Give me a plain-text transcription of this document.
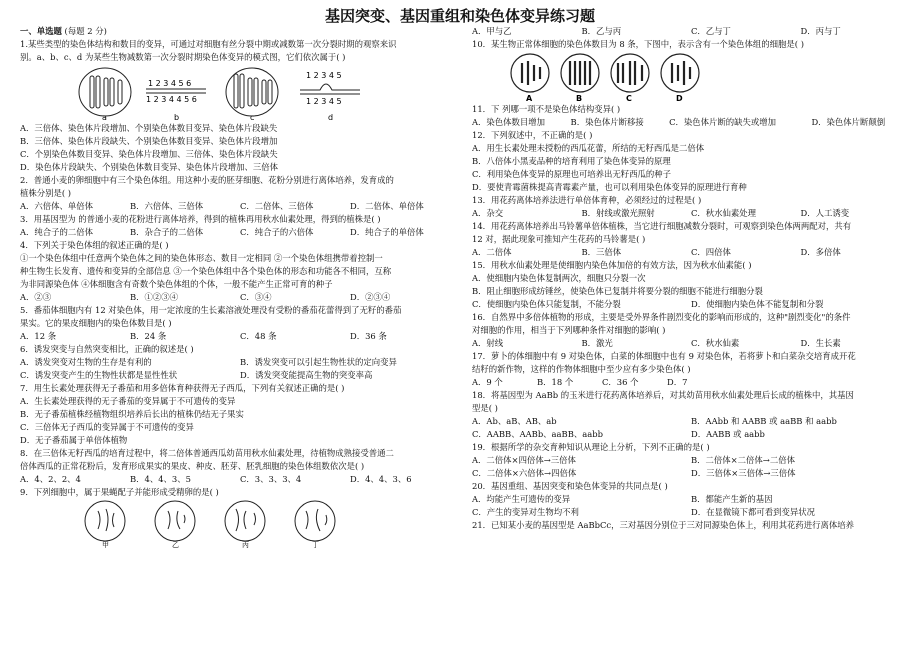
基因突变、基因重组和染色体变异练习题
一、单选题 (每题 2 分)
1.某些类型的染色体结构和数目的变异，可通过对细胞有丝分裂中期或减数第一次分裂时期的观察来识
别。a、b、c、d 为某些生物减数第一次分裂时期染色体变异的模式图，它们依次属于( )
1 2 3 4 5 6
1 2 3 4 4 5 6
1 2 3 4 5
1 2 3 4 5
a	b	c	d
A．三倍体、染色体片段增加、个别染色体数目变异、染色体片段缺失
B．三倍体、染色体片段缺失、个别染色体数目变异、染色体片段增加
C．个别染色体数目变异、染色体片段增加、三倍体、染色体片段缺失
D．染色体片段缺失、个别染色体数目变异、染色体片段增加、三倍体
2．普通小麦的卵细胞中有三个染色体组。用这种小麦的胚芽细胞、花粉分别进行离体培养，发育成的
植株分别是( )
A．六倍体、单倍体	B．六倍体、三倍体	C．二倍体、三倍体	D．二倍体、单倍体
3．用基因型为 的普通小麦的花粉进行离体培养，得到的植株再用秋水仙素处理，得到的植株是( )
A．纯合子的二倍体	B．杂合子的二倍体	C．纯合子的六倍体	D．纯合子的单倍体
4．下列关于染色体组的叙述正确的是( )
①一个染色体组中任意两个染色体之间的染色体形态、数目一定相同 ②一个染色体组携带着控制一
种生物生长发育、遗传和变异的全部信息 ③一个染色体组中各个染色体的形态和功能各不相同，互称
为非同源染色体 ④体细胞含有奇数个染色体组的个体，一般不能产生正常可育的种子
A．②③	B．①②③④	C．③④	D．②③④
5．番茄体细胞内有 12 对染色体，用一定浓度的生长素溶液处理没有受粉的番茄花蕾得到了无籽的番茄
果实。它的果皮细胞内的染色体数目是( )
A．12 条	B．24 条	C．48 条	D．36 条
6．诱发突变与自然突变相比，正确的叙述是( )
A．诱发突变对生物的生存是有利的	B．诱发突变可以引起生物性状的定向变异
C．诱发突变产生的生物性状都是显性性状	D．诱发突变能提高生物的突变率高
7．用生长素处理获得无子番茄和用多倍体育种获得无子西瓜，下列有关叙述正确的是( )
A．生长素处理获得的无子番茄的变异属于不可遗传的变异
B．无子番茄植株经植物组织培养后长出的植株仍结无子果实
C．三倍体无子西瓜的变异属于不可遗传的变异
D．无子番茄属于单倍体植物
8．在三倍体无籽西瓜的培育过程中，将二倍体普通西瓜幼苗用秋水仙素处理，待植物成熟接受普通二
倍体西瓜的正常花粉后，发育形成果实的果皮、种皮、胚芽、胚乳细胞的染色体组数依次是( )
A．4、2、2、4	B．4、4、3、5	C．3、3、3、4	D．4、4、3、6
9．下列细胞中，属于果蝇配子并能形成受精卵的是( )
甲	乙	丙	丁
A．甲与乙	B．乙与丙	C．乙与丁	D．丙与丁
10．某生物正常体细胞的染色体数目为 8 条，下图中，表示含有一个染色体组的细胞是( )
A	B	C	D
11．下 列哪一项不是染色体结构变异( )
A．染色体数目增加	B．染色体片断移接	C．染色体片断的缺失或增加	D．染色体片断颠倒
12．下列叙述中，不正确的是( )
A．用生长素处理未授粉的西瓜花蕾，所结的无籽西瓜是二倍体
B．八倍体小黑麦品种的培育利用了染色体变异的原理
C．利用染色体变异的原理也可培养出无籽西瓜的种子
D．要使青霉菌株提高青霉素产量，也可以利用染色体变异的原理进行育种
13．用花药离体培养法进行单倍体育种，必须经过的过程是( )
A．杂交	B．射线或激光照射	C．秋水仙素处理	D．人工诱变
14．用花药离体培养出马铃薯单倍体植株，当它进行细胞减数分裂时，可观察到染色体两两配对，共有
12 对，据此现象可推知产生花药的马铃薯是( )
A．二倍体	B．三倍体	C．四倍体	D．多倍体
15．用秋水仙素处理是使细胞内染色体加倍的有效方法，因为秋水仙素能( )
A．使细胞内染色体复制两次，细胞只分裂一次
B．阻止细胞形成纺锤丝，使染色体已复制并将要分裂的细胞不能进行细胞分裂
C．使细胞内染色体只能复制，不能分裂	D．使细胞内染色体不能复制和分裂
16．自然界中多倍体植物的形成，主要是受外界条件剧烈变化的影响而形成的，这种"剧烈变化"的条件
对细胞的作用，相当于下列哪种条件对细胞的影响( )
A．射线	B．激光	C．秋水仙素	D．生长素
17．萝卜的体细胞中有 9 对染色体，白菜的体细胞中也有 9 对染色体，若将萝卜和白菜杂交培育成开花
结籽的新作物，这样的作物体细胞中至少应有多少染色体( )
A．9 个	B．18 个	C．36 个	D．7
18．将基因型为 AaBb 的玉米进行花药离体培养后，对其幼苗用秋水仙素处理后长成的植株中，其基因
型是( )
A．Ab、aB、AB、ab	B．AAbb 和 AABB 或 aaBB 和 aabb
C．AABB、AABb、aaBB、aabb	D．AABB 或 aabb
19．根据所学的杂交育种知识从理论上分析，下列不正确的是( )
A．二倍体×四倍体→三倍体	B．二倍体×二倍体→二倍体
C．二倍体×六倍体→四倍体	D．三倍体×三倍体→三倍体
20．基因重组、基因突变和染色体变异的共同点是( )
A．均能产生可遗传的变异	B．都能产生新的基因
C．产生的变异对生物均不利	D．在显微镜下都可看到变异状况
21．已知某小麦的基因型是 AaBbCc，三对基因分别位于三对同源染色体上，利用其花药进行离体培养
